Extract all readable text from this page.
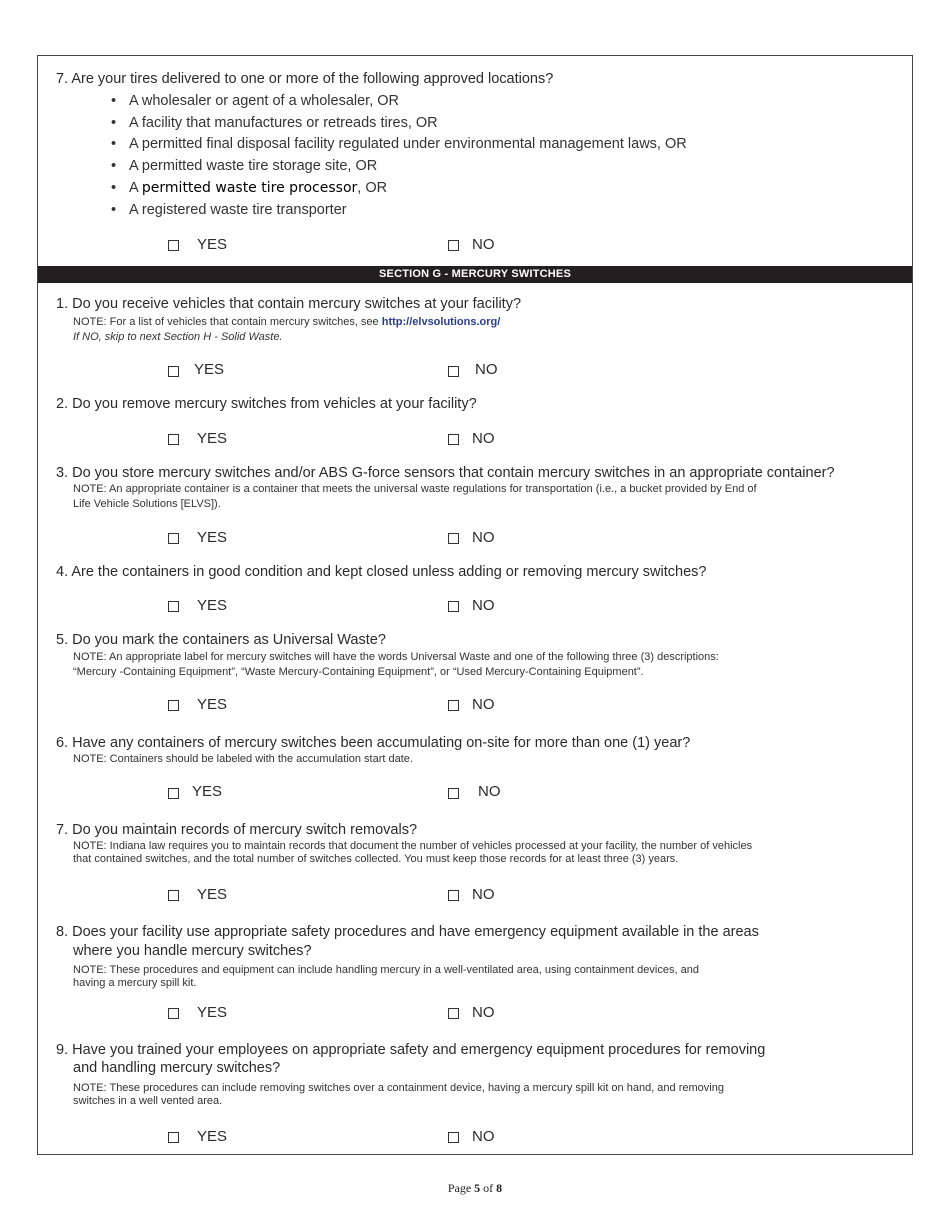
7. Are your tires delivered to one or more of the following approved locations?
• A wholesaler or agent of a wholesaler, OR
• A facility that manufactures or retreads tires, OR
• A permitted final disposal facility regulated under environmental management laws, OR
• A permitted waste tire storage site, OR
• A permitted waste tire processor, OR
• A registered waste tire transporter
YES	NO
SECTION G - MERCURY SWITCHES
1. Do you receive vehicles that contain mercury switches at your facility?
NOTE: For a list of vehicles that contain mercury switches, see http://elvsolutions.org/
If NO, skip to next Section H - Solid Waste.
YES	NO
2. Do you remove mercury switches from vehicles at your facility?
YES	NO
3. Do you store mercury switches and/or ABS G-force sensors that contain mercury switches in an appropriate container?
NOTE: An appropriate container is a container that meets the universal waste regulations for transportation (i.e., a bucket provided by End of
Life Vehicle Solutions [ELVS]).
YES	NO
4. Are the containers in good condition and kept closed unless adding or removing mercury switches?
YES	NO
5. Do you mark the containers as Universal Waste?
NOTE: An appropriate label for mercury switches will have the words Universal Waste and one of the following three (3) descriptions:
“Mercury -Containing Equipment”, “Waste Mercury-Containing Equipment”, or “Used Mercury-Containing Equipment”.
YES	NO
6. Have any containers of mercury switches been accumulating on-site for more than one (1) year?
NOTE: Containers should be labeled with the accumulation start date.
YES	NO
7. Do you maintain records of mercury switch removals?
NOTE: Indiana law requires you to maintain records that document the number of vehicles processed at your facility, the number of vehicles
that contained switches, and the total number of switches collected. You must keep those records for at least three (3) years.
YES	NO
8. Does your facility use appropriate safety procedures and have emergency equipment available in the areas
where you handle mercury switches?
NOTE: These procedures and equipment can include handling mercury in a well-ventilated area, using containment devices, and
having a mercury spill kit.
YES	NO
9. Have you trained your employees on appropriate safety and emergency equipment procedures for removing
and handling mercury switches?
NOTE: These procedures can include removing switches over a containment device, having a mercury spill kit on hand, and removing
switches in a well vented area.
YES	NO
Page 5 of 8
